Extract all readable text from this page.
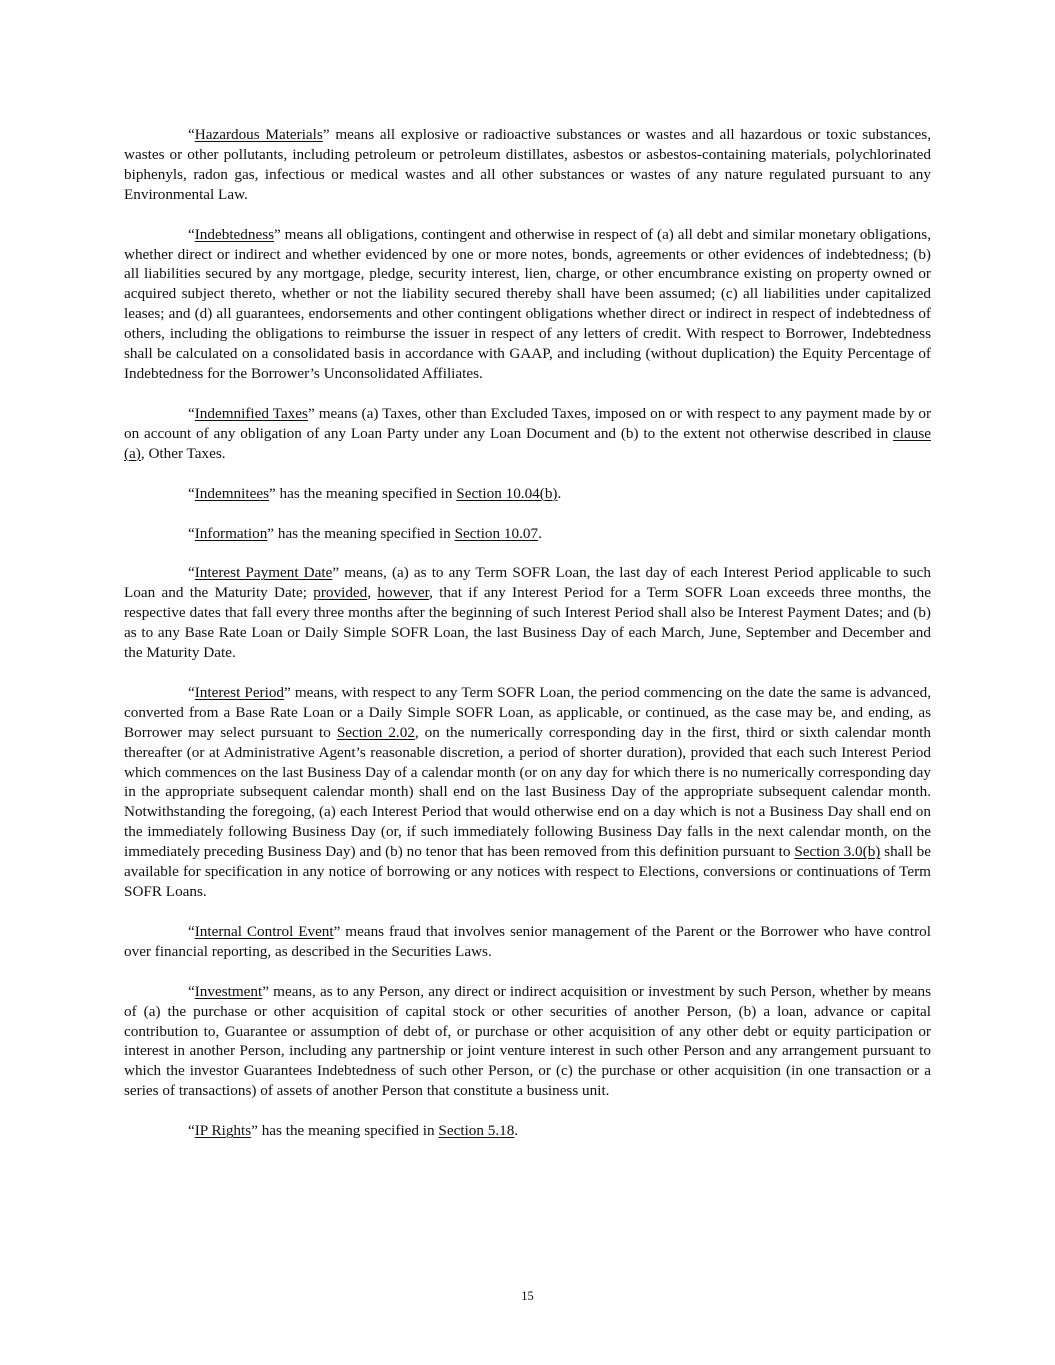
“Hazardous Materials” means all explosive or radioactive substances or wastes and all hazardous or toxic substances, wastes or other pollutants, including petroleum or petroleum distillates, asbestos or asbestos-containing materials, polychlorinated biphenyls, radon gas, infectious or medical wastes and all other substances or wastes of any nature regulated pursuant to any Environmental Law.

“Indebtedness” means all obligations, contingent and otherwise in respect of (a) all debt and similar monetary obligations, whether direct or indirect and whether evidenced by one or more notes, bonds, agreements or other evidences of indebtedness; (b) all liabilities secured by any mortgage, pledge, security interest, lien, charge, or other encumbrance existing on property owned or acquired subject thereto, whether or not the liability secured thereby shall have been assumed; (c) all liabilities under capitalized leases; and (d) all guarantees, endorsements and other contingent obligations whether direct or indirect in respect of indebtedness of others, including the obligations to reimburse the issuer in respect of any letters of credit. With respect to Borrower, Indebtedness shall be calculated on a consolidated basis in accordance with GAAP, and including (without duplication) the Equity Percentage of Indebtedness for the Borrower’s Unconsolidated Affiliates.

“Indemnified Taxes” means (a) Taxes, other than Excluded Taxes, imposed on or with respect to any payment made by or on account of any obligation of any Loan Party under any Loan Document and (b) to the extent not otherwise described in clause (a), Other Taxes.

“Indemnitees” has the meaning specified in Section 10.04(b).

“Information” has the meaning specified in Section 10.07.

“Interest Payment Date” means, (a) as to any Term SOFR Loan, the last day of each Interest Period applicable to such Loan and the Maturity Date; provided, however, that if any Interest Period for a Term SOFR Loan exceeds three months, the respective dates that fall every three months after the beginning of such Interest Period shall also be Interest Payment Dates; and (b) as to any Base Rate Loan or Daily Simple SOFR Loan, the last Business Day of each March, June, September and December and the Maturity Date.

“Interest Period” means, with respect to any Term SOFR Loan, the period commencing on the date the same is advanced, converted from a Base Rate Loan or a Daily Simple SOFR Loan, as applicable, or continued, as the case may be, and ending, as Borrower may select pursuant to Section 2.02, on the numerically corresponding day in the first, third or sixth calendar month thereafter (or at Administrative Agent’s reasonable discretion, a period of shorter duration), provided that each such Interest Period which commences on the last Business Day of a calendar month (or on any day for which there is no numerically corresponding day in the appropriate subsequent calendar month) shall end on the last Business Day of the appropriate subsequent calendar month. Notwithstanding the foregoing, (a) each Interest Period that would otherwise end on a day which is not a Business Day shall end on the immediately following Business Day (or, if such immediately following Business Day falls in the next calendar month, on the immediately preceding Business Day) and (b) no tenor that has been removed from this definition pursuant to Section 3.0(b) shall be available for specification in any notice of borrowing or any notices with respect to Elections, conversions or continuations of Term SOFR Loans.

“Internal Control Event” means fraud that involves senior management of the Parent or the Borrower who have control over financial reporting, as described in the Securities Laws.

“Investment” means, as to any Person, any direct or indirect acquisition or investment by such Person, whether by means of (a) the purchase or other acquisition of capital stock or other securities of another Person, (b) a loan, advance or capital contribution to, Guarantee or assumption of debt of, or purchase or other acquisition of any other debt or equity participation or interest in another Person, including any partnership or joint venture interest in such other Person and any arrangement pursuant to which the investor Guarantees Indebtedness of such other Person, or (c) the purchase or other acquisition (in one transaction or a series of transactions) of assets of another Person that constitute a business unit.

“IP Rights” has the meaning specified in Section 5.18.

15
